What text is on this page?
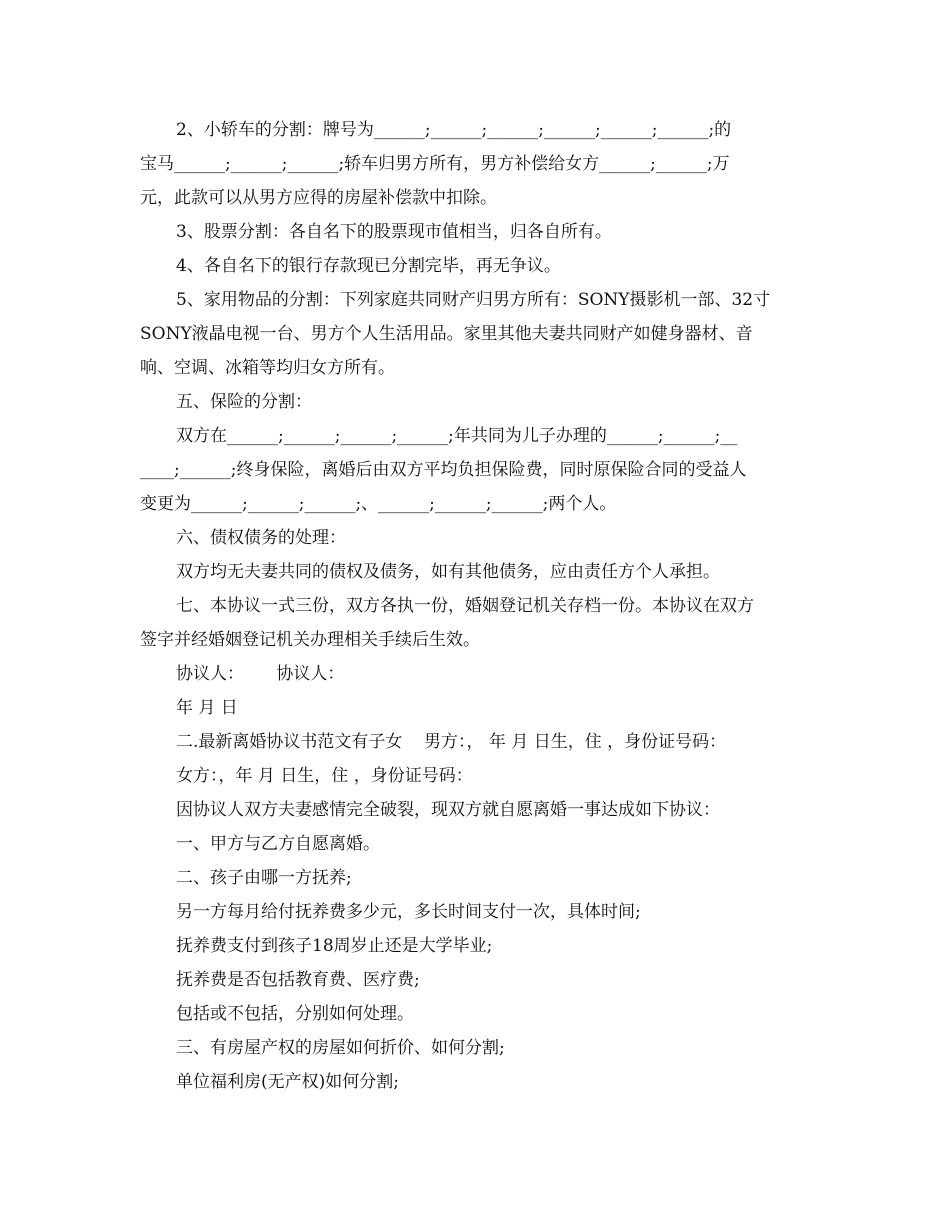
2、小轿车的分割：牌号为______;______;______;______;______;______;的
宝马______;______;______;轿车归男方所有，男方补偿给女方______;______;万
元，此款可以从男方应得的房屋补偿款中扣除。
3、股票分割：各自名下的股票现市值相当，归各自所有。
4、各自名下的银行存款现已分割完毕，再无争议。
5、家用物品的分割：下列家庭共同财产归男方所有：SONY摄影机一部、32寸
SONY液晶电视一台、男方个人生活用品。家里其他夫妻共同财产如健身器材、音
响、空调、冰箱等均归女方所有。
五、保险的分割：
双方在______;______;______;______;年共同为儿子办理的______;______;__
____;______;终身保险，离婚后由双方平均负担保险费，同时原保险合同的受益人
变更为______;______;______;、______;______;______;两个人。
六、债权债务的处理：
双方均无夫妻共同的债权及债务，如有其他债务，应由责任方个人承担。
七、本协议一式三份，双方各执一份，婚姻登记机关存档一份。本协议在双方
签字并经婚姻登记机关办理相关手续后生效。
协议人：      协议人：
年 月 日
二.最新离婚协议书范文有子女    男方：， 年 月 日生，住 ，身份证号码：
女方：，年 月 日生，住 ，身份证号码：
因协议人双方夫妻感情完全破裂，现双方就自愿离婚一事达成如下协议：
一、甲方与乙方自愿离婚。
二、孩子由哪一方抚养;
另一方每月给付抚养费多少元，多长时间支付一次，具体时间;
抚养费支付到孩子18周岁止还是大学毕业;
抚养费是否包括教育费、医疗费;
包括或不包括，分别如何处理。
三、有房屋产权的房屋如何折价、如何分割;
单位福利房(无产权)如何分割;
